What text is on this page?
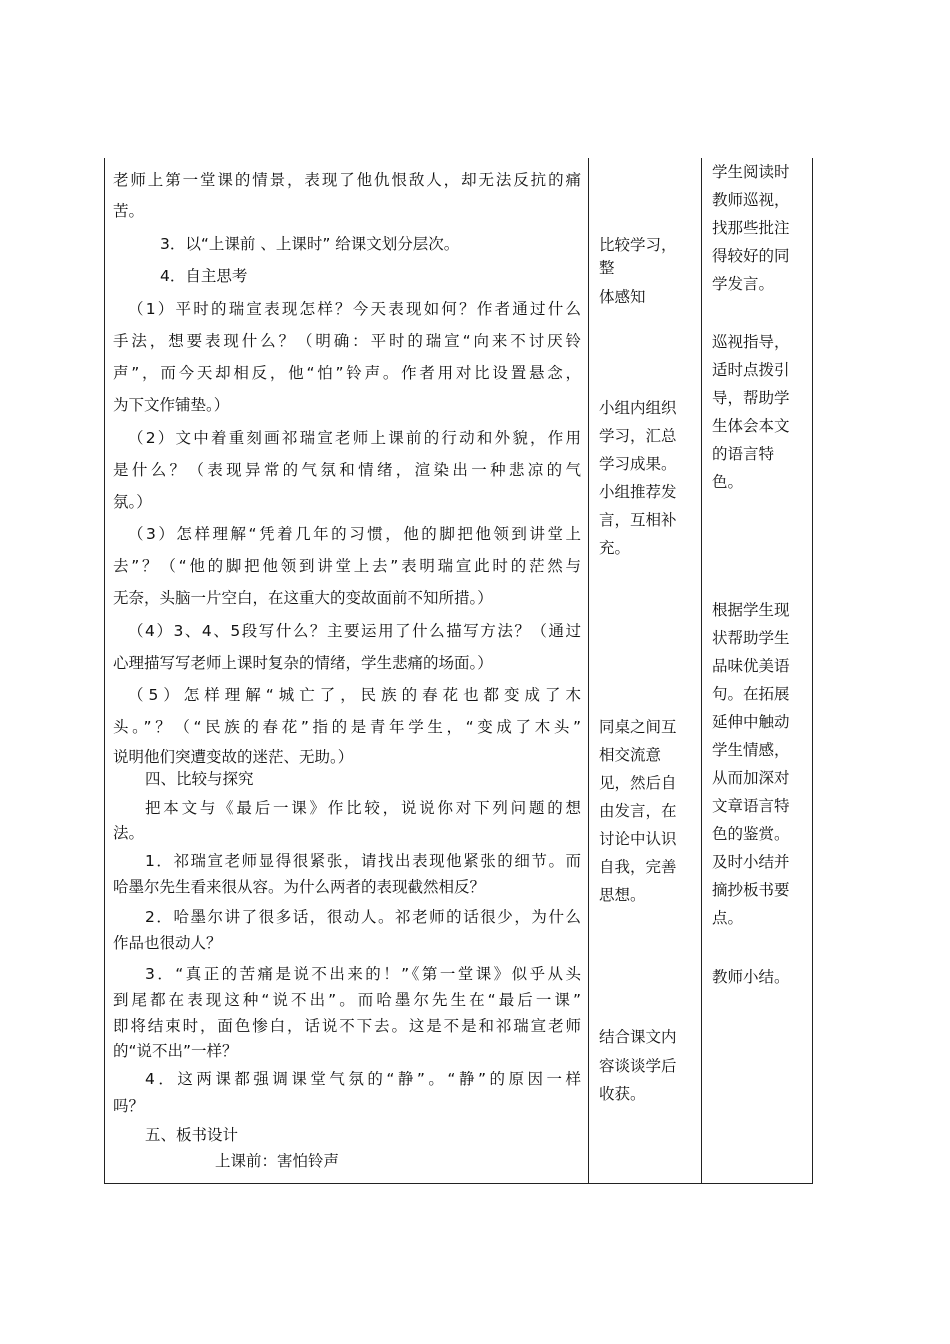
老师上第一堂课的情景，表现了他仇恨敌人，却无法反抗的痛
苦。
3．以“上课前 、上课时” 给课文划分层次。
4．自主思考
（1）平时的瑞宣表现怎样？今天表现如何？作者通过什么
手法，想要表现什么？（明确：平时的瑞宣“向来不讨厌铃
声”，而今天却相反，他“怕”铃声。作者用对比设置悬念，
为下文作铺垫。）
（2）文中着重刻画祁瑞宣老师上课前的行动和外貌，作用
是什么？（表现异常的气氛和情绪，渲染出一种悲凉的气
氛。）
（3）怎样理解“凭着几年的习惯，他的脚把他领到讲堂上
去”？（“他的脚把他领到讲堂上去”表明瑞宣此时的茫然与
无奈，头脑一片空白，在这重大的变故面前不知所措。）
（4）3、4、5段写什么？主要运用了什么描写方法？（通过
心理描写写老师上课时复杂的情绪，学生悲痛的场面。）
（5）怎样理解“城亡了，民族的春花也都变成了木
头。”？（“民族的春花”指的是青年学生，“变成了木头”
说明他们突遭变故的迷茫、无助。）
四、比较与探究
把本文与《最后一课》作比较，说说你对下列问题的想
法。
1．祁瑞宣老师显得很紧张，请找出表现他紧张的细节。而
哈墨尔先生看来很从容。为什么两者的表现截然相反？
2．哈墨尔讲了很多话，很动人。祁老师的话很少，为什么
作品也很动人？
3．“真正的苦痛是说不出来的！”《第一堂课》似乎从头
到尾都在表现这种“说不出”。而哈墨尔先生在“最后一课”
即将结束时，面色惨白，话说不下去。这是不是和祁瑞宣老师
的“说不出”一样？
4．这两课都强调课堂气氛的“静”。“静”的原因一样
吗？
五、板书设计
上课前：害怕铃声
比较学习，
整
体感知
小组内组织
学习，汇总
学习成果。
小组推荐发
言，互相补
充。
同桌之间互
相交流意
见，然后自
由发言，在
讨论中认识
自我，完善
思想。
结合课文内
容谈谈学后
收获。
学生阅读时
教师巡视，
找那些批注
得较好的同
学发言。
巡视指导，
适时点拨引
导，帮助学
生体会本文
的语言特
色。
根据学生现
状帮助学生
品味优美语
句。在拓展
延伸中触动
学生情感，
从而加深对
文章语言特
色的鉴赏。
及时小结并
摘抄板书要
点。
教师小结。
